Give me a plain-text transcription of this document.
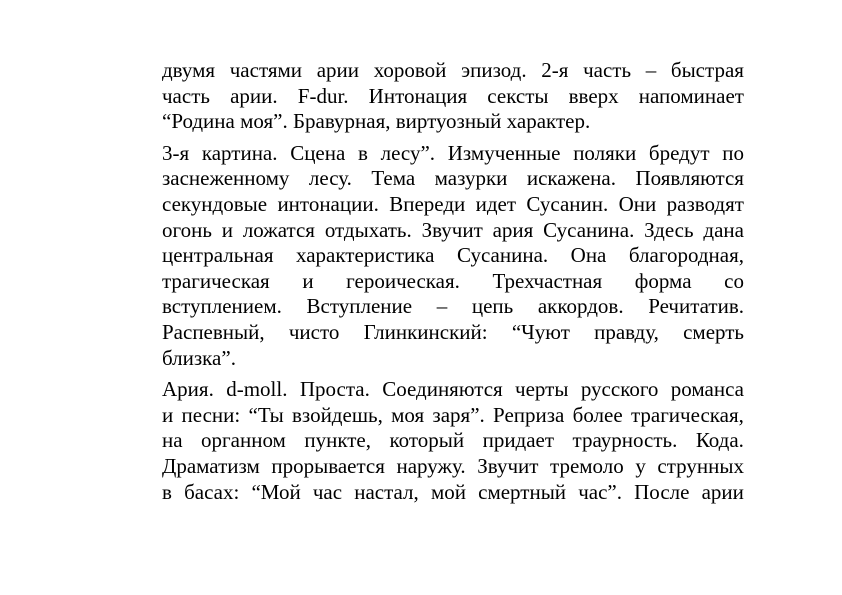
двумя частями арии хоровой эпизод. 2-я часть – быстрая
часть арии. F-dur. Интонация сексты вверх напоминает
“Родина моя”. Бравурная, виртуозный характер.

3-я картина. Сцена в лесу”. Измученные поляки бредут по
заснеженному лесу. Тема мазурки искажена. Появляются
секундовые интонации. Впереди идет Сусанин. Они разводят
огонь и ложатся отдыхать. Звучит ария Сусанина. Здесь дана
центральная характеристика Сусанина. Она благородная,
трагическая и героическая. Трехчастная форма со
вступлением. Вступление – цепь аккордов. Речитатив.
Распевный, чисто Глинкинский: “Чуют правду, смерть
близка”.

Ария. d-moll. Проста. Соединяются черты русского романса
и песни: “Ты взойдешь, моя заря”. Реприза более трагическая,
на органном пункте, который придает траурность. Кода.
Драматизм прорывается наружу. Звучит тремоло у струнных
в басах: “Мой час настал, мой смертный час”. После арии
